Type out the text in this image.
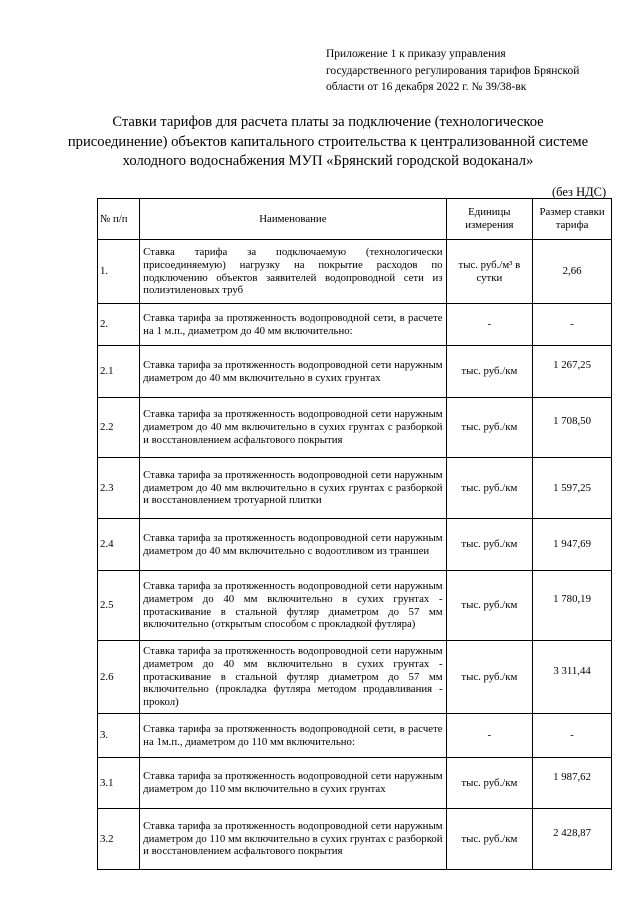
Приложение 1 к приказу управления
государственного регулирования тарифов Брянской
области от 16 декабря 2022 г. № 39/38-вк
Ставки тарифов для расчета платы за подключение (технологическое
присоединение) объектов капитального строительства к централизованной системе
холодного водоснабжения МУП «Брянский городской водоканал»
(без НДС)
№ п/п	Наименование	Единицы измерения	Размер ставки тарифа
1.	Ставка тарифа за подключаемую (технологически присоединяемую) нагрузку на покрытие расходов по подключению объектов заявителей водопроводной сети из полиэтиленовых труб	тыс. руб./м³ в сутки	2,66
2.	Ставка тарифа за протяженность водопроводной сети, в расчете на 1 м.п., диаметром до 40 мм включительно:	-	-
2.1	Ставка тарифа за протяженность водопроводной сети наружным диаметром до 40 мм включительно в сухих грунтах	тыс. руб./км	1 267,25
2.2	Ставка тарифа за протяженность водопроводной сети наружным диаметром до 40 мм включительно в сухих грунтах с разборкой и восстановлением асфальтового покрытия	тыс. руб./км	1 708,50
2.3	Ставка тарифа за протяженность водопроводной сети наружным диаметром до 40 мм включительно в сухих грунтах с разборкой и восстановлением тротуарной плитки	тыс. руб./км	1 597,25
2.4	Ставка тарифа за протяженность водопроводной сети наружным диаметром до 40 мм включительно с водоотливом из траншеи	тыс. руб./км	1 947,69
2.5	Ставка тарифа за протяженность водопроводной сети наружным диаметром до 40 мм включительно в сухих грунтах - протаскивание в стальной футляр диаметром до 57 мм включительно (открытым способом с прокладкой футляра)	тыс. руб./км	1 780,19
2.6	Ставка тарифа за протяженность водопроводной сети наружным диаметром до 40 мм включительно в сухих грунтах - протаскивание в стальной футляр диаметром до 57 мм включительно (прокладка футляра методом продавливания - прокол)	тыс. руб./км	3 311,44
3.	Ставка тарифа за протяженность водопроводной сети, в расчете на 1м.п., диаметром до 110 мм включительно:	-	-
3.1	Ставка тарифа за протяженность водопроводной сети наружным диаметром до 110 мм включительно в сухих грунтах	тыс. руб./км	1 987,62
3.2	Ставка тарифа за протяженность водопроводной сети наружным диаметром до 110 мм включительно в сухих грунтах с разборкой и восстановлением асфальтового покрытия	тыс. руб./км	2 428,87
